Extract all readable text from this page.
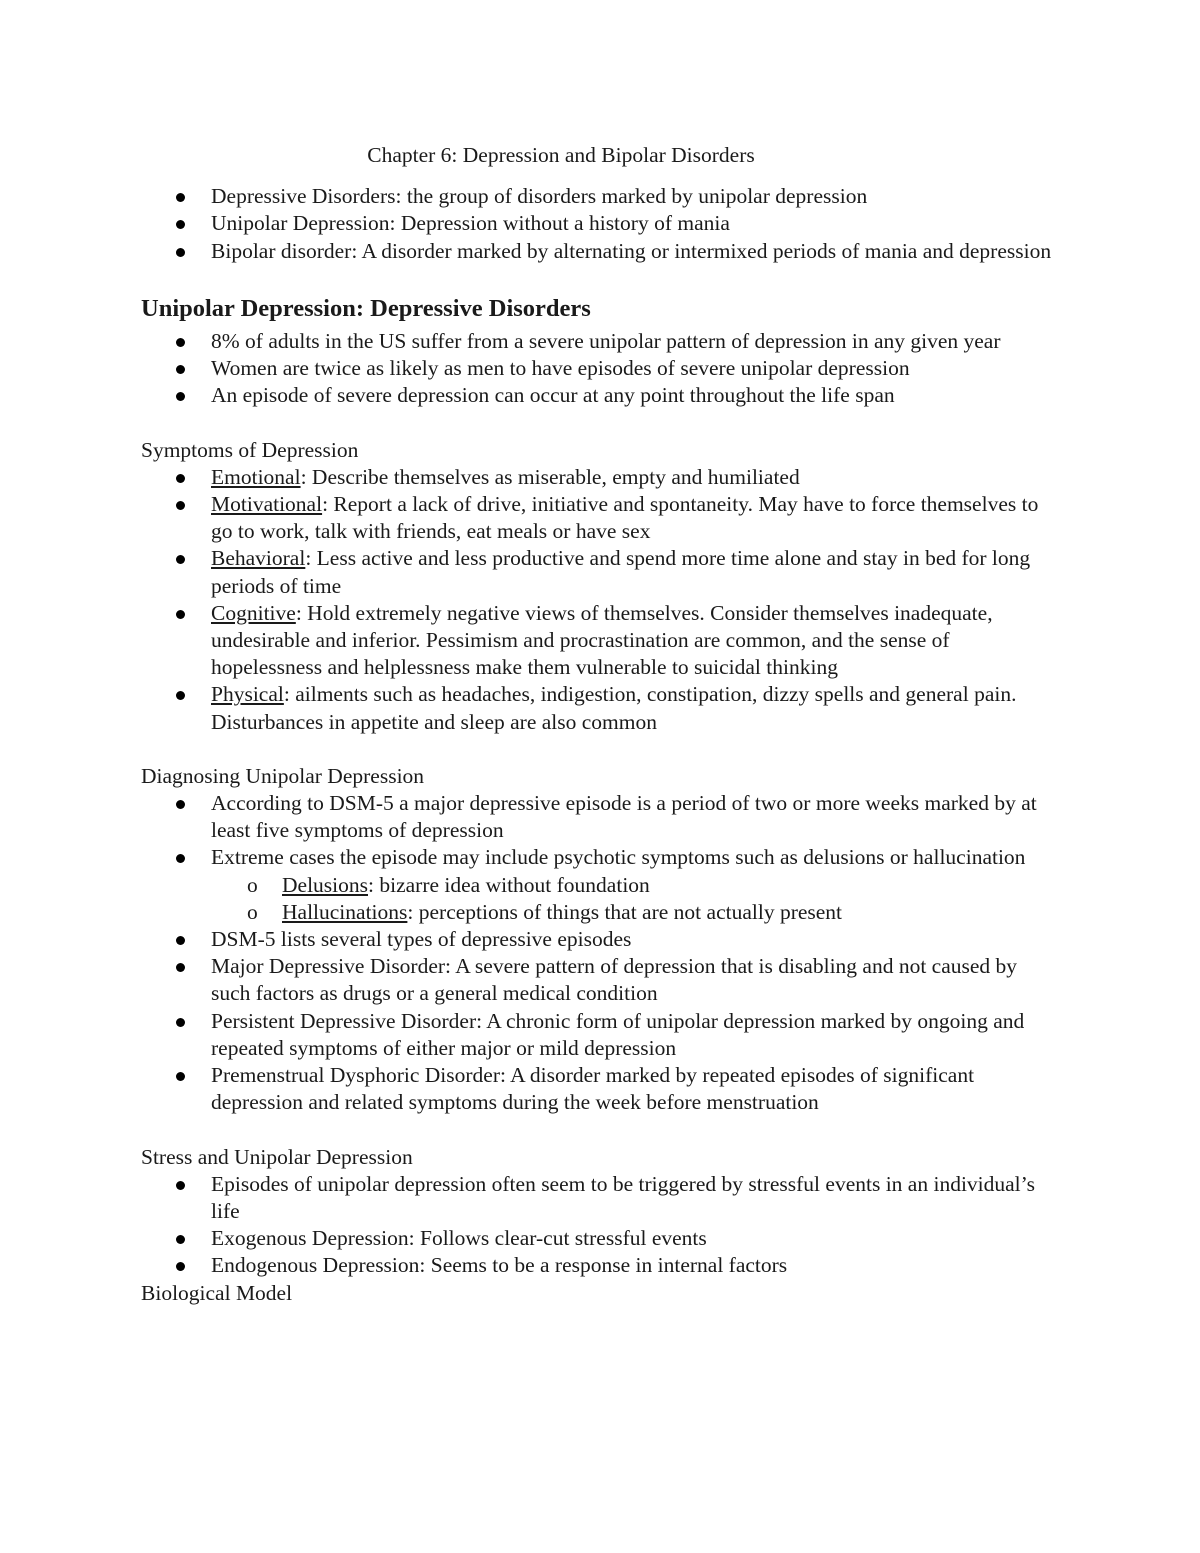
Chapter 6: Depression and Bipolar Disorders
Depressive Disorders: the group of disorders marked by unipolar depression
Unipolar Depression: Depression without a history of mania
Bipolar disorder: A disorder marked by alternating or intermixed periods of mania and depression
Unipolar Depression: Depressive Disorders
8% of adults in the US suffer from a severe unipolar pattern of depression in any given year
Women are twice as likely as men to have episodes of severe unipolar depression
An episode of severe depression can occur at any point throughout the life span
Symptoms of Depression
Emotional: Describe themselves as miserable, empty and humiliated
Motivational: Report a lack of drive, initiative and spontaneity. May have to force themselves to go to work, talk with friends, eat meals or have sex
Behavioral: Less active and less productive and spend more time alone and stay in bed for long periods of time
Cognitive: Hold extremely negative views of themselves. Consider themselves inadequate, undesirable and inferior. Pessimism and procrastination are common, and the sense of hopelessness and helplessness make them vulnerable to suicidal thinking
Physical: ailments such as headaches, indigestion, constipation, dizzy spells and general pain. Disturbances in appetite and sleep are also common
Diagnosing Unipolar Depression
According to DSM-5 a major depressive episode is a period of two or more weeks marked by at least five symptoms of depression
Extreme cases the episode may include psychotic symptoms such as delusions or hallucination
o Delusions: bizarre idea without foundation
o Hallucinations: perceptions of things that are not actually present
DSM-5 lists several types of depressive episodes
Major Depressive Disorder: A severe pattern of depression that is disabling and not caused by such factors as drugs or a general medical condition
Persistent Depressive Disorder: A chronic form of unipolar depression marked by ongoing and repeated symptoms of either major or mild depression
Premenstrual Dysphoric Disorder: A disorder marked by repeated episodes of significant depression and related symptoms during the week before menstruation
Stress and Unipolar Depression
Episodes of unipolar depression often seem to be triggered by stressful events in an individual’s life
Exogenous Depression: Follows clear-cut stressful events
Endogenous Depression: Seems to be a response in internal factors
Biological Model
